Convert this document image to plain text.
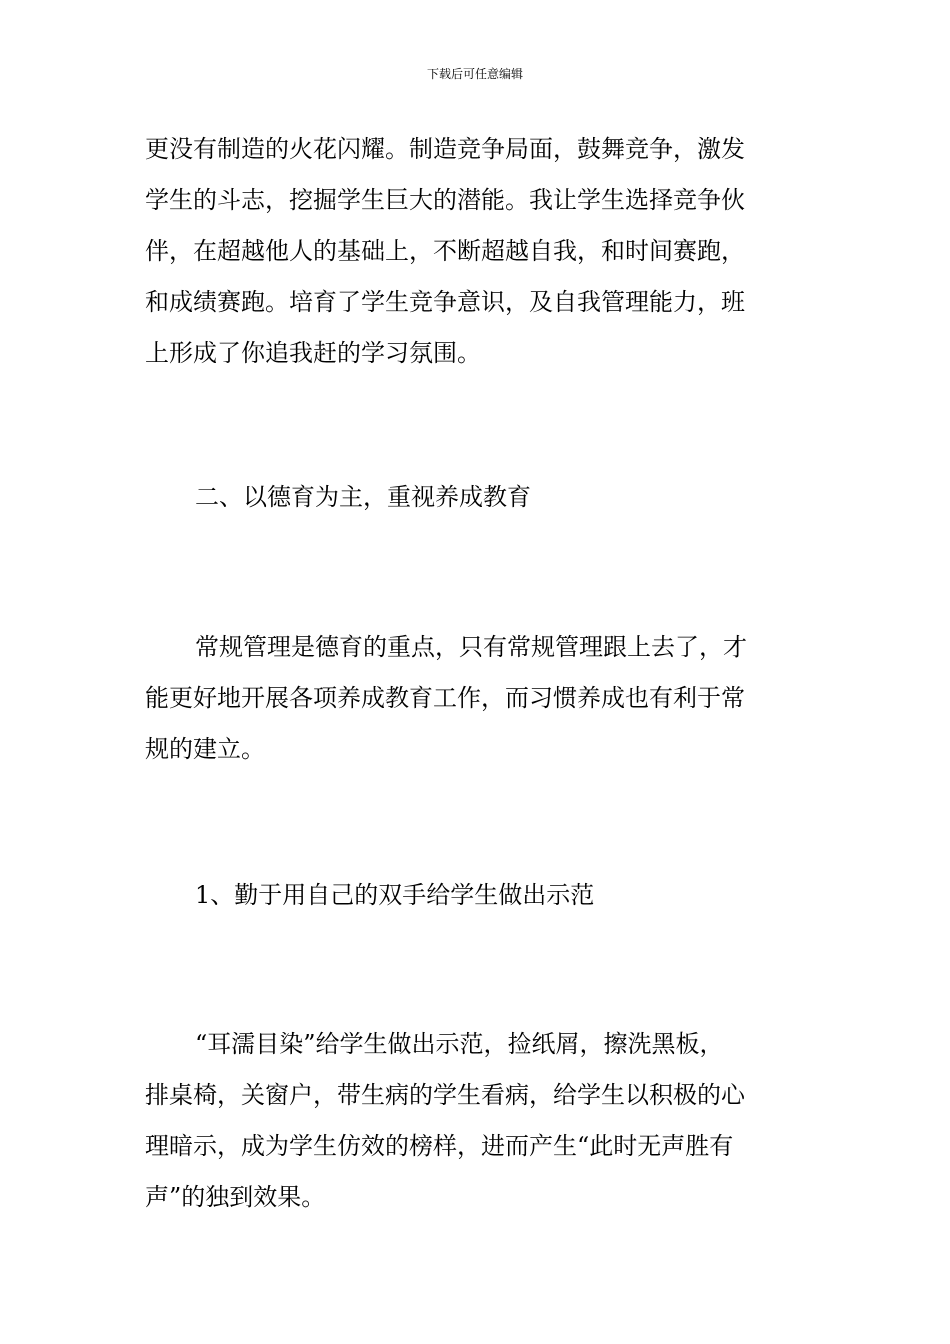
下载后可任意编辑
更没有制造的火花闪耀。制造竞争局面，鼓舞竞争，激发
学生的斗志，挖掘学生巨大的潜能。我让学生选择竞争伙
伴，在超越他人的基础上，不断超越自我，和时间赛跑，
和成绩赛跑。培育了学生竞争意识，及自我管理能力，班
上形成了你追我赶的学习氛围。
二、以德育为主，重视养成教育
常规管理是德育的重点，只有常规管理跟上去了，才
能更好地开展各项养成教育工作，而习惯养成也有利于常
规的建立。
1、勤于用自己的双手给学生做出示范
“耳濡目染”给学生做出示范，捡纸屑，擦洗黑板，
排桌椅，关窗户，带生病的学生看病，给学生以积极的心
理暗示，成为学生仿效的榜样，进而产生“此时无声胜有
声”的独到效果。
